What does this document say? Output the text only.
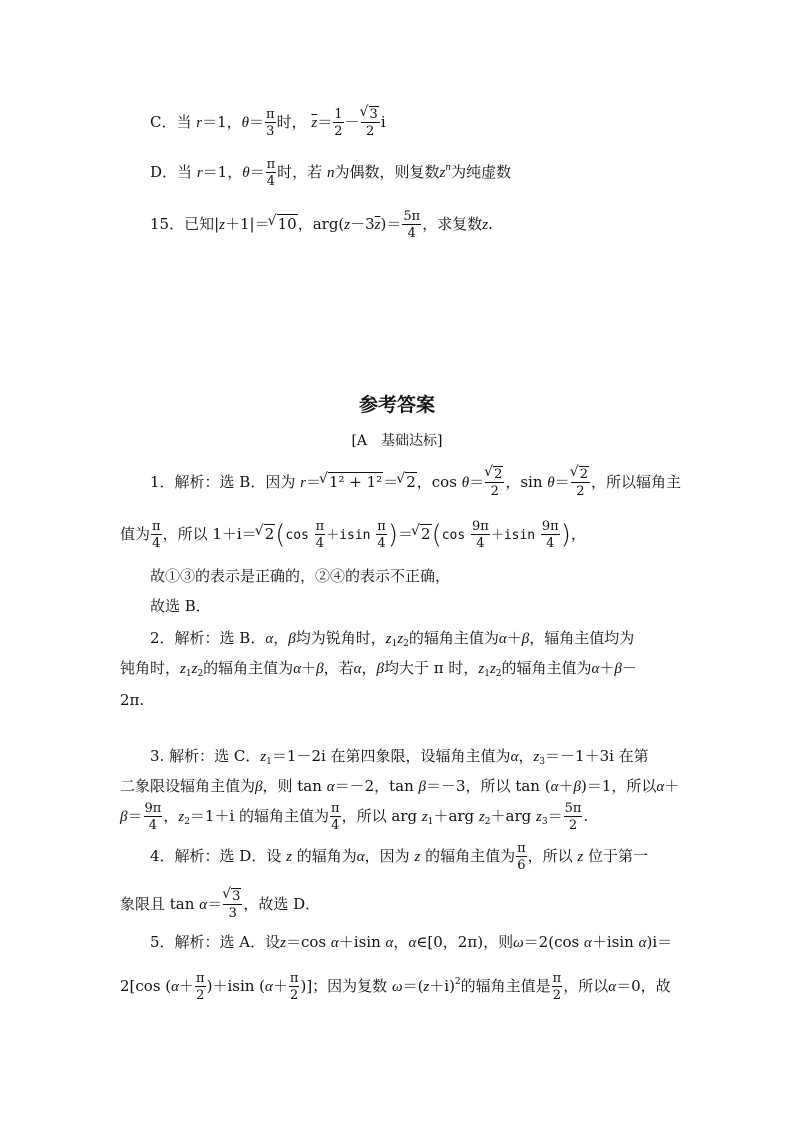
C．当 r＝1，$\theta= \frac{\pi}{3}$ 时， $\overline{z}= \frac{1}{2}$ － √ $\frac{3}{2}$ i
D．当 r＝1，$\theta= \frac{\pi}{4}$ 时，若 n为偶数，则复数$z^n$为纯虚数
15．已知|z＋1|＝ √ 10，$arg(z-3\overline{z})= \frac{5\pi}{4}$ ，求复数z.
参考答案
[A　基础达标]
1．解析：选 B．因为 r＝ √ 1² + 1²＝ √ 2，cos θ＝ √ $\frac{2}{2}$ ，sin θ＝ √ $\frac{2}{2}$ ，所以辐角主
值为 $\frac{\pi}{4}$ ，所以 1＋i＝ √ $2(\cos \frac{\pi}{4} +isin \frac{\pi}{4}$ )＝ √ $2(\cos \frac{9\pi}{4} +isin \frac{9\pi}{4}$ )，
故①③的表示是正确的，②④的表示不正确，
故选 B．
2．解析：选 B．α，β均为锐角时，$z_1z_2$的辐角主值为α＋β，辐角主值均为
钝角时，$z_1z_2$的辐角主值为α＋β，若α，β均大于 π 时，$z_1z_2$的辐角主值为α＋β－
2π.
3. 解析：选 C．$z_1=1-2i$ 在第四象限，设辐角主值为α，$z_3=-1+3i$ 在第
二象限设辐角主值为β，则 tan α＝－2，tan β＝－3，所以 tan (α＋β)＝1，所以α＋
$\beta= \frac{9\pi}{4}$ ，$z_2=1+i$ 的辐角主值为 $\frac{\pi}{4}$ ，所以 arg $z_1+arg$ $z_2+arg$ $z_3= \frac{5\pi}{2}$ .
4．解析：选 D．设 z 的辐角为α，因为 z 的辐角主值为 $\frac{\pi}{6}$ ，所以 z 位于第一
象限且 tan α＝ √ $\frac{3}{3}$ ，故选 D．
5．解析：选 A．设z＝cos α＋isin α，α∈[0，2π)，则ω＝2(cos α＋isin α)i＝
2[cos $(\alpha+ \frac{\pi}{2} )+isin$ ($\alpha+ \frac{\pi}{2}$ )]；因为复数 $\omega=(z+i)^2$的辐角主值是 $\frac{\pi}{2}$ ，所以α＝0，故
